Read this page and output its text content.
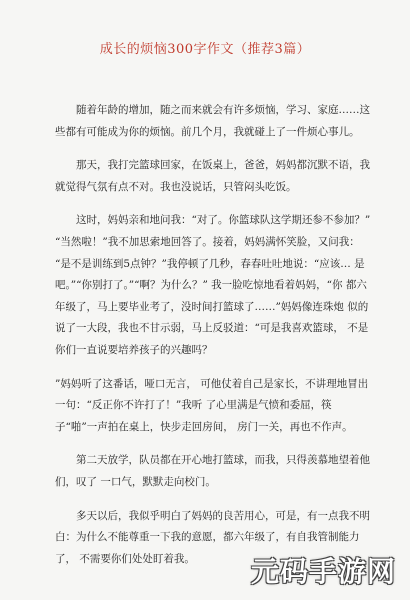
成长的烦恼300字作文（推荐3篇）

随着年龄的增加，随之而来就会有许多烦恼，学习、家庭……这 些都有可能成为你的烦恼。前几个月，我就碰上了一件烦心事儿。

那天，我打完篮球回家，在饭桌上，爸爸，妈妈都沉默不语，我 就觉得气氛有点不对。我也没说话，只管闷头吃饭。

这时，妈妈亲和地问我：“对了。你篮球队这学期还参不参加？” “当然啦！”我不加思索地回答了。接着，妈妈满怀笑脸，又问我： “是不是训练到5点钟？”我停顿了几秒，春春吐吐地说：“应该… 是吧。”“你别打了。”“啊？为什么？” 我一脸吃惊地看着妈妈，“你 都六年级了，马上要毕业考了，没时间打篮球了……”妈妈像连珠炮 似的说了一大段，我也不甘示弱，马上反驳道：“可是我喜欢篮球， 不是你们一直说要培养孩子的兴趣吗？

”妈妈听了这番话，哑口无言， 可他仗着自己是家长，不讲理地冒出一句：“反正你不许打了！”我听 了心里满是气愤和委屈，筷子“啪”一声拍在桌上，快步走回房间， 房门一关，再也不作声。

第二天放学，队员都在开心地打篮球，而我，只得羡慕地望着他 们，叹了 一口气，默默走向校门。

多天以后，我似乎明白了妈妈的良苦用心，可是，有一点我不明 白：为什么不能尊重一下我的意愿，都六年级了，有自我管制能力了， 不需要你们处处盯着我。	元码手游网
